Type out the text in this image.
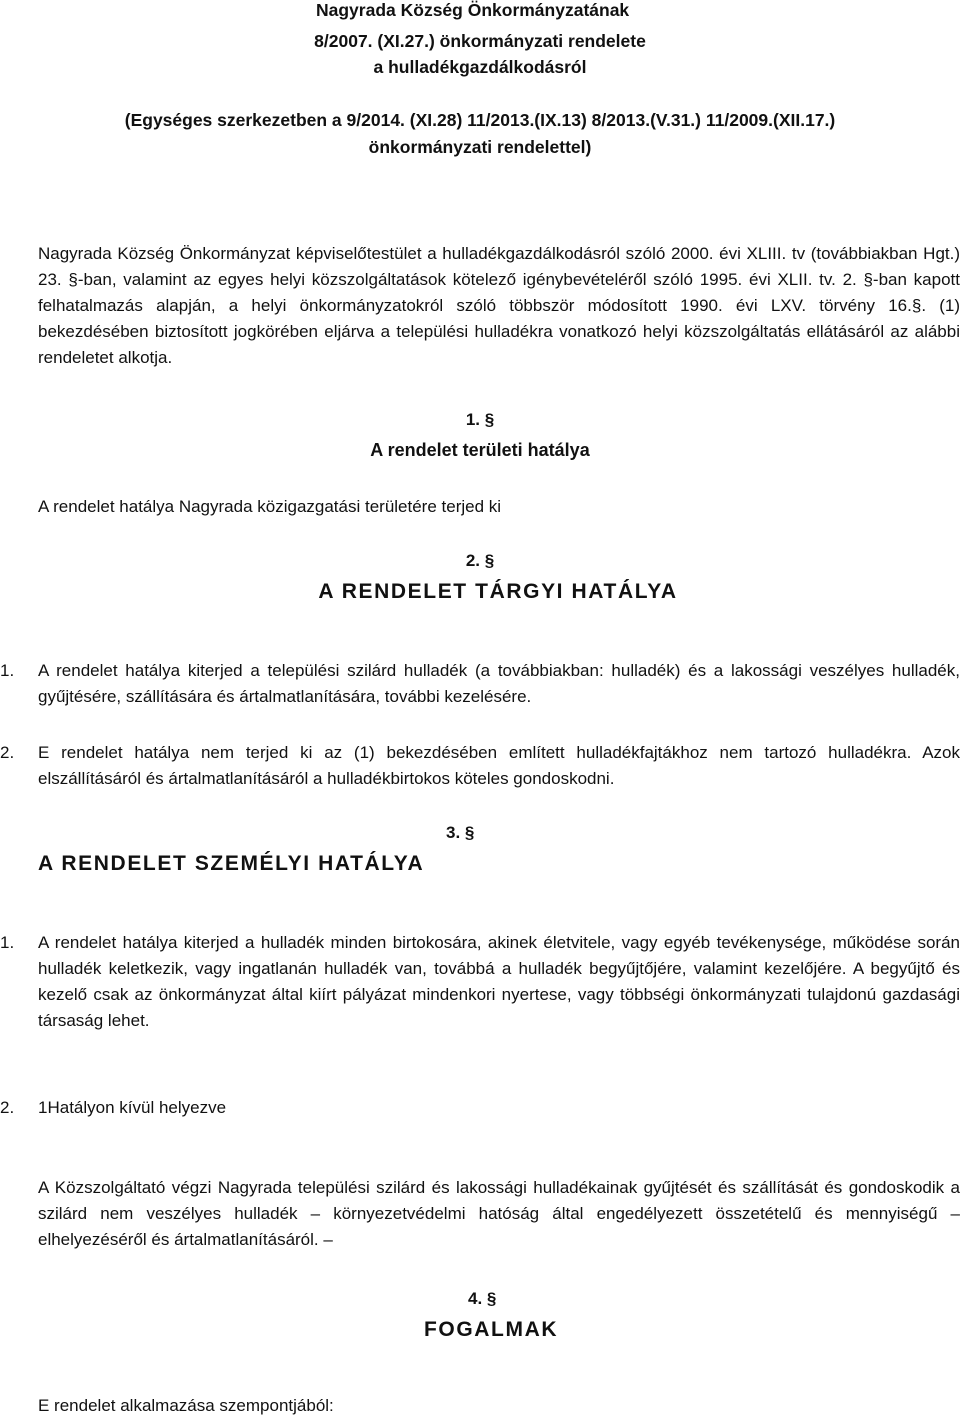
Nagyrada Község Önkormányzatának
8/2007. (XI.27.) önkormányzati rendelete
a hulladékgazdálkodásról
(Egységes szerkezetben a 9/2014. (XI.28) 11/2013.(IX.13) 8/2013.(V.31.) 11/2009.(XII.17.)
önkormányzati rendelettel)
Nagyrada Község Önkormányzat képviselőtestület a hulladékgazdálkodásról szóló 2000. évi XLIII. tv (továbbiakban Hgt.) 23. §-ban, valamint az egyes helyi közszolgáltatások kötelező igénybevételéről szóló 1995. évi XLII. tv. 2. §-ban kapott felhatalmazás alapján, a helyi önkormányzatokról szóló többször módosított 1990. évi LXV. törvény 16.§. (1) bekezdésében biztosított jogkörében eljárva a települési hulladékra vonatkozó helyi közszolgáltatás ellátásáról az alábbi rendeletet alkotja.
1. §
A rendelet területi hatálya
A rendelet hatálya Nagyrada közigazgatási területére terjed ki
2. §
A RENDELET TÁRGYI HATÁLYA
1. A rendelet hatálya kiterjed a települési szilárd hulladék (a továbbiakban: hulladék) és a lakossági veszélyes hulladék, gyűjtésére, szállítására és ártalmatlanítására, további kezelésére.
2. E rendelet hatálya nem terjed ki az (1) bekezdésében említett hulladékfajtákhoz nem tartozó hulladékra. Azok elszállításáról és ártalmatlanításáról a hulladékbirtokos köteles gondoskodni.
3. §
A RENDELET SZEMÉLYI HATÁLYA
1. A rendelet hatálya kiterjed a hulladék minden birtokosára, akinek életvitele, vagy egyéb tevékenysége, működése során hulladék keletkezik, vagy ingatlanán hulladék van, továbbá a hulladék begyűjtőjére, valamint kezelőjére. A begyűjtő és kezelő csak az önkormányzat által kiírt pályázat mindenkori nyertese, vagy többségi önkormányzati tulajdonú gazdasági társaság lehet.
2. 1Hatályon kívül helyezve
A Közszolgáltató végzi Nagyrada települési szilárd és lakossági hulladékainak gyűjtését és szállítását és gondoskodik a szilárd nem veszélyes hulladék – környezetvédelmi hatóság által engedélyezett összetételű és mennyiségű – elhelyezéséről és ártalmatlanításáról. –
4. §
FOGALMAK
E rendelet alkalmazása szempontjából:
